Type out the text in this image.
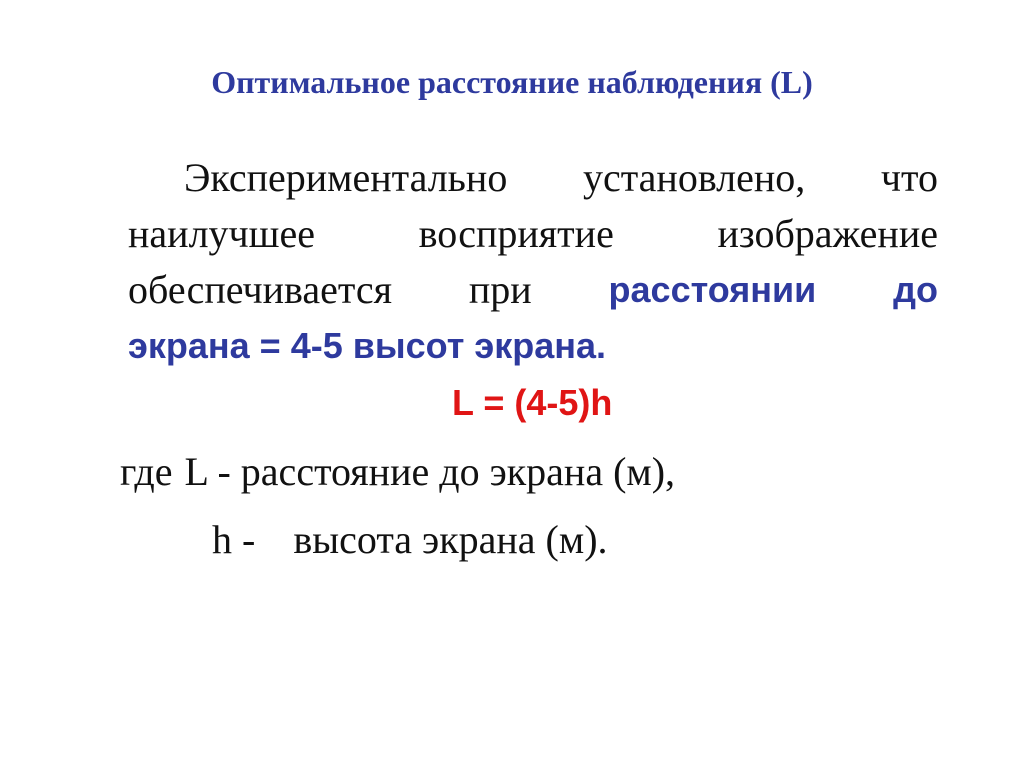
Оптимальное расстояние наблюдения (L)
Экспериментально установлено, что
наилучшее	восприятие	изображение
обеспечивается при расстоянии до
экрана = 4-5 высот экрана.
L = (4-5)h
где L - расстояние до экрана (м),
h - высота экрана (м).
